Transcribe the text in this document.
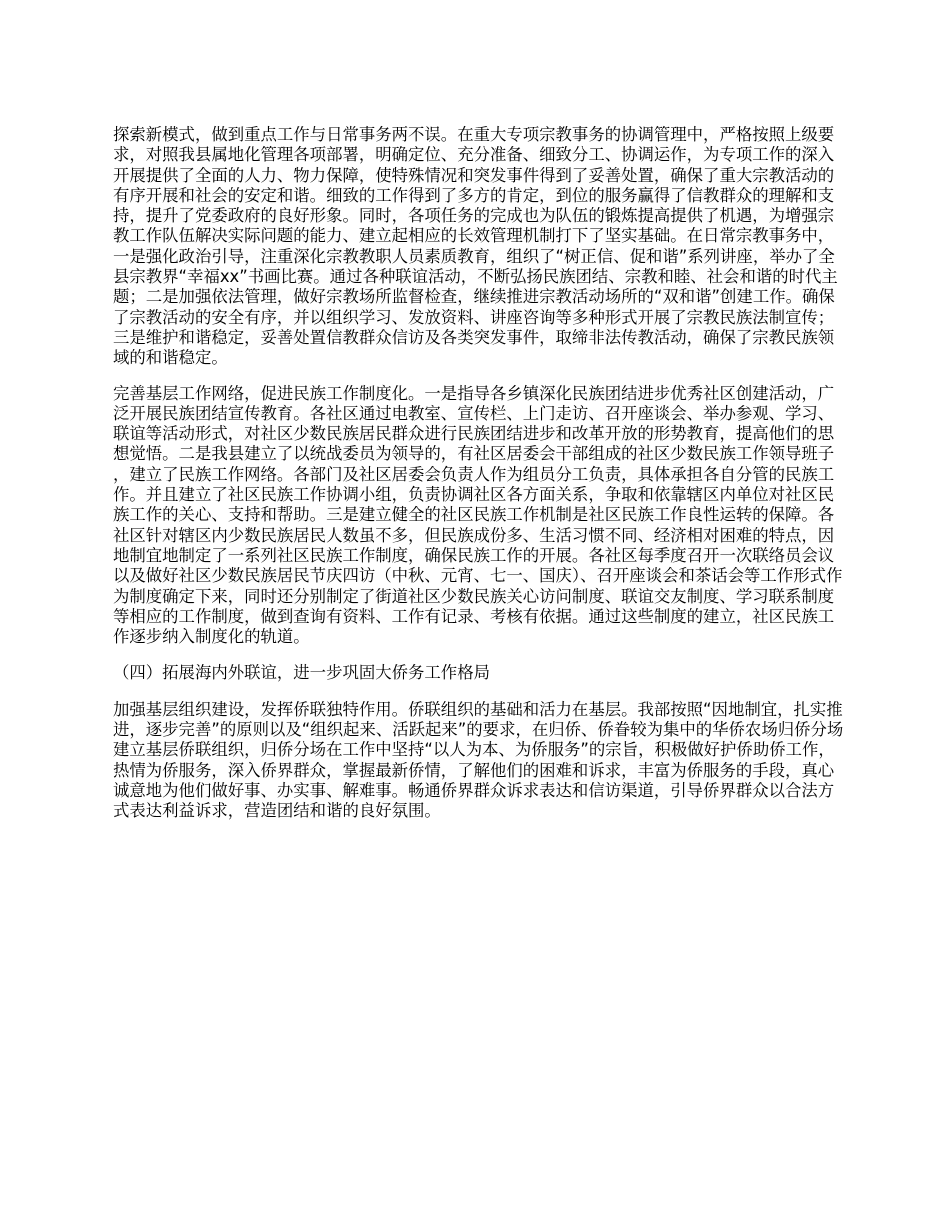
探索新模式，做到重点工作与日常事务两不误。在重大专项宗教事务的协调管理中，严格按照上级要求，对照我县属地化管理各项部署，明确定位、充分准备、细致分工、协调运作，为专项工作的深入开展提供了全面的人力、物力保障，使特殊情况和突发事件得到了妥善处置，确保了重大宗教活动的有序开展和社会的安定和谐。细致的工作得到了多方的肯定，到位的服务赢得了信教群众的理解和支持，提升了党委政府的良好形象。同时，各项任务的完成也为队伍的锻炼提高提供了机遇，为增强宗教工作队伍解决实际问题的能力、建立起相应的长效管理机制打下了坚实基础。在日常宗教事务中，一是强化政治引导，注重深化宗教教职人员素质教育，组织了“树正信、促和谐”系列讲座，举办了全县宗教界“幸福xx”书画比赛。通过各种联谊活动，不断弘扬民族团结、宗教和睦、社会和谐的时代主题；二是加强依法管理，做好宗教场所监督检查，继续推进宗教活动场所的“双和谐”创建工作。确保了宗教活动的安全有序，并以组织学习、发放资料、讲座咨询等多种形式开展了宗教民族法制宣传；三是维护和谐稳定，妥善处置信教群众信访及各类突发事件，取缔非法传教活动，确保了宗教民族领域的和谐稳定。

完善基层工作网络，促进民族工作制度化。一是指导各乡镇深化民族团结进步优秀社区创建活动，广泛开展民族团结宣传教育。各社区通过电教室、宣传栏、上门走访、召开座谈会、举办参观、学习、联谊等活动形式，对社区少数民族居民群众进行民族团结进步和改革开放的形势教育，提高他们的思想觉悟。二是我县建立了以统战委员为领导的，有社区居委会干部组成的社区少数民族工作领导班子，建立了民族工作网络。各部门及社区居委会负责人作为组员分工负责，具体承担各自分管的民族工作。并且建立了社区民族工作协调小组，负责协调社区各方面关系，争取和依靠辖区内单位对社区民族工作的关心、支持和帮助。三是建立健全的社区民族工作机制是社区民族工作良性运转的保障。各社区针对辖区内少数民族居民人数虽不多，但民族成份多、生活习惯不同、经济相对困难的特点，因地制宜地制定了一系列社区民族工作制度，确保民族工作的开展。各社区每季度召开一次联络员会议以及做好社区少数民族居民节庆四访（中秋、元宵、七一、国庆）、召开座谈会和茶话会等工作形式作为制度确定下来，同时还分别制定了街道社区少数民族关心访问制度、联谊交友制度、学习联系制度等相应的工作制度，做到查询有资料、工作有记录、考核有依据。通过这些制度的建立，社区民族工作逐步纳入制度化的轨道。

（四）拓展海内外联谊，进一步巩固大侨务工作格局

加强基层组织建设，发挥侨联独特作用。侨联组织的基础和活力在基层。我部按照“因地制宜，扎实推进，逐步完善”的原则以及“组织起来、活跃起来”的要求，在归侨、侨眷较为集中的华侨农场归侨分场建立基层侨联组织，归侨分场在工作中坚持“以人为本、为侨服务”的宗旨，积极做好护侨助侨工作，热情为侨服务，深入侨界群众，掌握最新侨情，了解他们的困难和诉求，丰富为侨服务的手段，真心诚意地为他们做好事、办实事、解难事。畅通侨界群众诉求表达和信访渠道，引导侨界群众以合法方式表达利益诉求，营造团结和谐的良好氛围。
